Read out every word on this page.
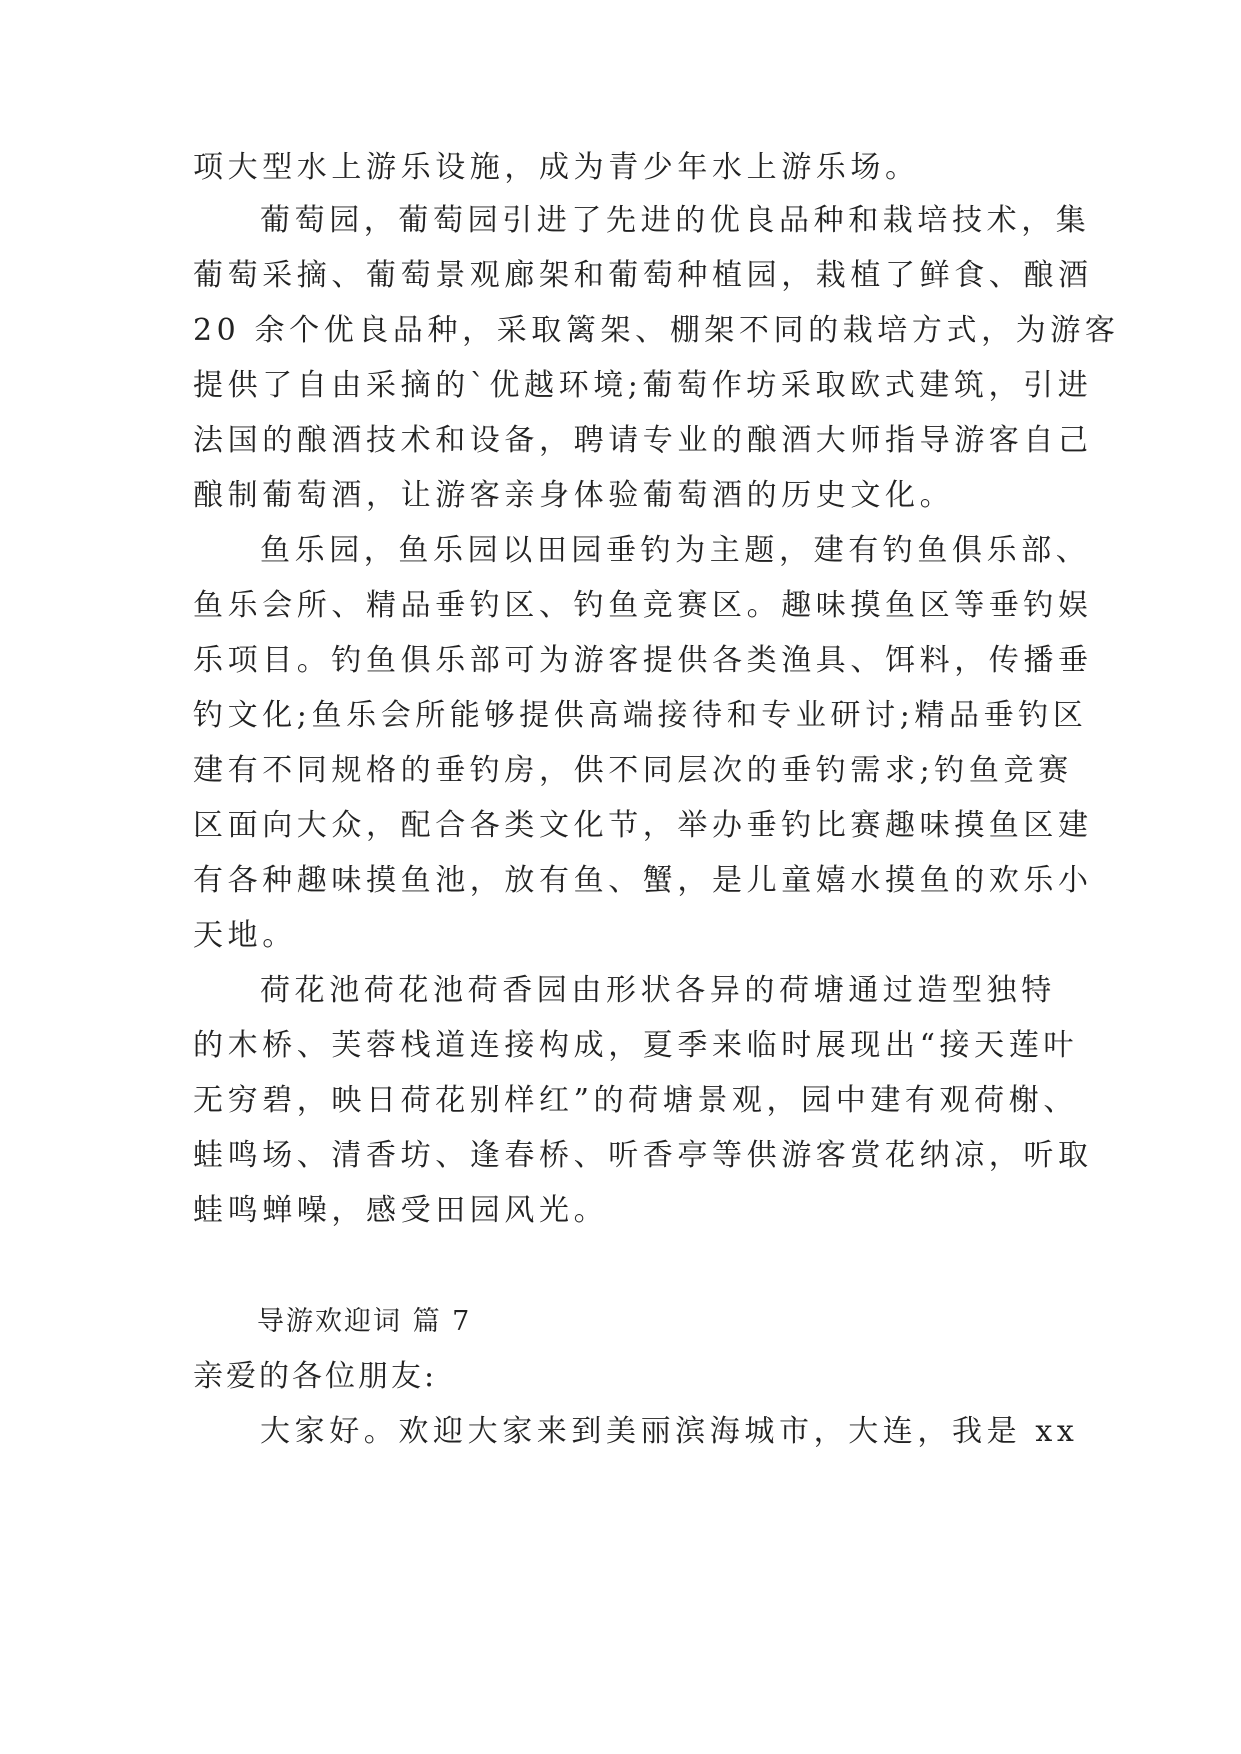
项大型水上游乐设施，成为青少年水上游乐场。
葡萄园，葡萄园引进了先进的优良品种和栽培技术，集
葡萄采摘、葡萄景观廊架和葡萄种植园，栽植了鲜食、酿酒
20 余个优良品种，采取篱架、棚架不同的栽培方式，为游客
提供了自由采摘的`优越环境;葡萄作坊采取欧式建筑，引进
法国的酿酒技术和设备，聘请专业的酿酒大师指导游客自己
酿制葡萄酒，让游客亲身体验葡萄酒的历史文化。
鱼乐园，鱼乐园以田园垂钓为主题，建有钓鱼俱乐部、
鱼乐会所、精品垂钓区、钓鱼竞赛区。趣味摸鱼区等垂钓娱
乐项目。钓鱼俱乐部可为游客提供各类渔具、饵料，传播垂
钓文化;鱼乐会所能够提供高端接待和专业研讨;精品垂钓区
建有不同规格的垂钓房，供不同层次的垂钓需求;钓鱼竞赛
区面向大众，配合各类文化节，举办垂钓比赛趣味摸鱼区建
有各种趣味摸鱼池，放有鱼、蟹，是儿童嬉水摸鱼的欢乐小
天地。
荷花池荷花池荷香园由形状各异的荷塘通过造型独特
的木桥、芙蓉栈道连接构成，夏季来临时展现出“接天莲叶
无穷碧，映日荷花别样红”的荷塘景观，园中建有观荷榭、
蛙鸣场、清香坊、逢春桥、听香亭等供游客赏花纳凉，听取
蛙鸣蝉噪，感受田园风光。
导游欢迎词 篇 7
亲爱的各位朋友:
大家好。欢迎大家来到美丽滨海城市，大连，我是 xx
